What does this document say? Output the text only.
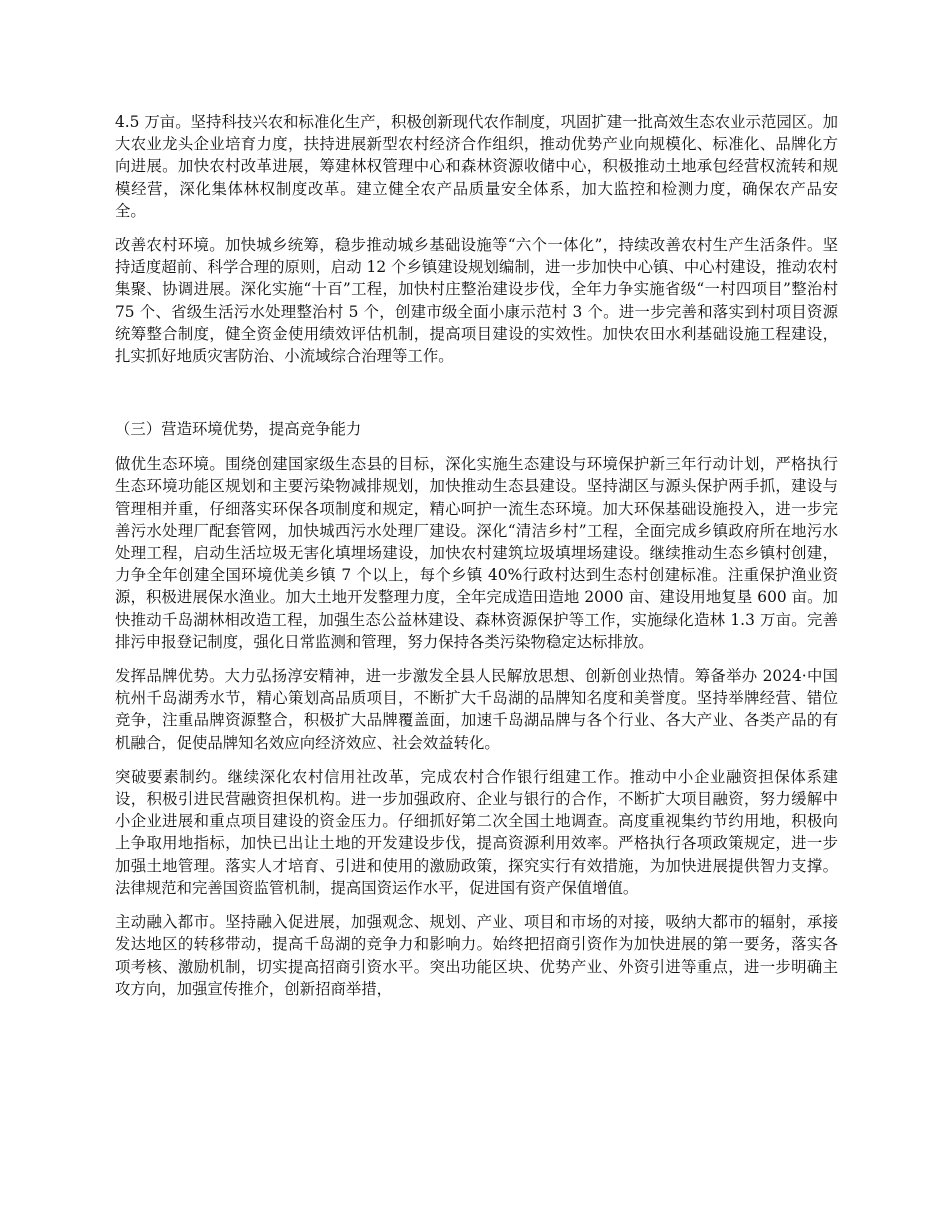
4.5 万亩。坚持科技兴农和标准化生产，积极创新现代农作制度，巩固扩建一批高效生态农业示范园区。加大农业龙头企业培育力度，扶持进展新型农村经济合作组织，推动优势产业向规模化、标准化、品牌化方向进展。加快农村改革进展，筹建林权管理中心和森林资源收储中心，积极推动土地承包经营权流转和规模经营，深化集体林权制度改革。建立健全农产品质量安全体系，加大监控和检测力度，确保农产品安全。

改善农村环境。加快城乡统筹，稳步推动城乡基础设施等“六个一体化”，持续改善农村生产生活条件。坚持适度超前、科学合理的原则，启动 12 个乡镇建设规划编制，进一步加快中心镇、中心村建设，推动农村集聚、协调进展。深化实施“十百”工程，加快村庄整治建设步伐，全年力争实施省级“一村四项目”整治村 75 个、省级生活污水处理整治村 5 个，创建市级全面小康示范村 3 个。进一步完善和落实到村项目资源统筹整合制度，健全资金使用绩效评估机制，提高项目建设的实效性。加快农田水利基础设施工程建设，扎实抓好地质灾害防治、小流域综合治理等工作。

（三）营造环境优势，提高竞争能力

做优生态环境。围绕创建国家级生态县的目标，深化实施生态建设与环境保护新三年行动计划，严格执行生态环境功能区规划和主要污染物减排规划，加快推动生态县建设。坚持湖区与源头保护两手抓，建设与管理相并重，仔细落实环保各项制度和规定，精心呵护一流生态环境。加大环保基础设施投入，进一步完善污水处理厂配套管网，加快城西污水处理厂建设。深化“清洁乡村”工程，全面完成乡镇政府所在地污水处理工程，启动生活垃圾无害化填埋场建设，加快农村建筑垃圾填埋场建设。继续推动生态乡镇村创建，力争全年创建全国环境优美乡镇 7 个以上，每个乡镇 40%行政村达到生态村创建标准。注重保护渔业资源，积极进展保水渔业。加大土地开发整理力度，全年完成造田造地 2000 亩、建设用地复垦 600 亩。加快推动千岛湖林相改造工程，加强生态公益林建设、森林资源保护等工作，实施绿化造林 1.3 万亩。完善排污申报登记制度，强化日常监测和管理，努力保持各类污染物稳定达标排放。

发挥品牌优势。大力弘扬淳安精神，进一步激发全县人民解放思想、创新创业热情。筹备举办 2024·中国杭州千岛湖秀水节，精心策划高品质项目，不断扩大千岛湖的品牌知名度和美誉度。坚持举牌经营、错位竞争，注重品牌资源整合，积极扩大品牌覆盖面，加速千岛湖品牌与各个行业、各大产业、各类产品的有机融合，促使品牌知名效应向经济效应、社会效益转化。

突破要素制约。继续深化农村信用社改革，完成农村合作银行组建工作。推动中小企业融资担保体系建设，积极引进民营融资担保机构。进一步加强政府、企业与银行的合作，不断扩大项目融资，努力缓解中小企业进展和重点项目建设的资金压力。仔细抓好第二次全国土地调查。高度重视集约节约用地，积极向上争取用地指标，加快已出让土地的开发建设步伐，提高资源利用效率。严格执行各项政策规定，进一步加强土地管理。落实人才培育、引进和使用的激励政策，探究实行有效措施，为加快进展提供智力支撑。法律规范和完善国资监管机制，提高国资运作水平，促进国有资产保值增值。

主动融入都市。坚持融入促进展，加强观念、规划、产业、项目和市场的对接，吸纳大都市的辐射，承接发达地区的转移带动，提高千岛湖的竞争力和影响力。始终把招商引资作为加快进展的第一要务，落实各项考核、激励机制，切实提高招商引资水平。突出功能区块、优势产业、外资引进等重点，进一步明确主攻方向，加强宣传推介，创新招商举措，
